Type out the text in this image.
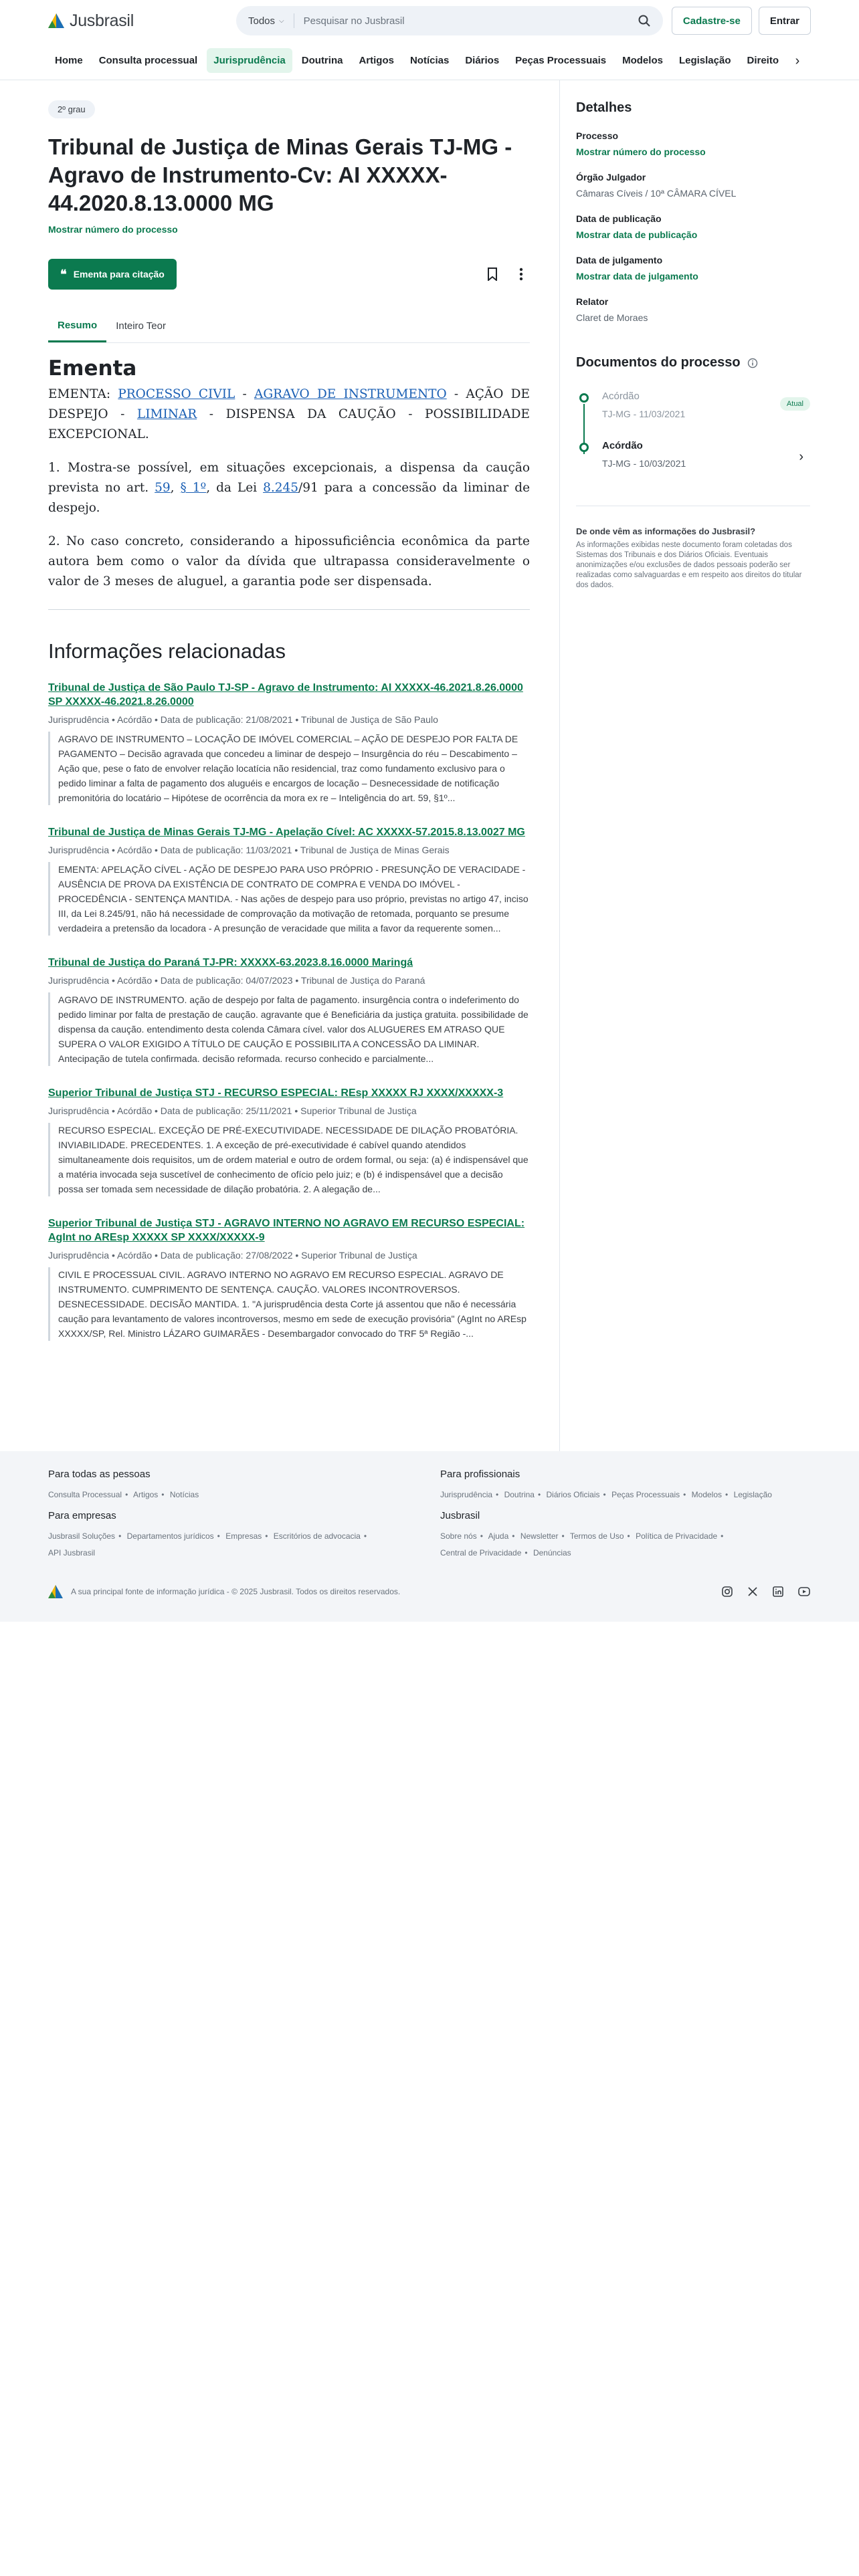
Jusbrasil	Todos ⌵	Pesquisar no Jusbrasil	Cadastre-se	Entrar
Home	Consulta processual	Jurisprudência	Doutrina	Artigos	Notícias	Diários	Peças Processuais	Modelos	Legislação	Direito	›
2º grau
Tribunal de Justiça de Minas Gerais TJ-MG - Agravo de Instrumento-Cv: AI XXXXX-44.2020.8.13.0000 MG
Mostrar número do processo
❝ Ementa para citação
Resumo	Inteiro Teor
Ementa

EMENTA: PROCESSO CIVIL - AGRAVO DE INSTRUMENTO - AÇÃO DE DESPEJO - LIMINAR - DISPENSA DA CAUÇÃO - POSSIBILIDADE EXCEPCIONAL.

1. Mostra-se possível, em situações excepcionais, a dispensa da caução prevista no art. 59, § 1º, da Lei 8.245/91 para a concessão da liminar de despejo.

2. No caso concreto, considerando a hipossuficiência econômica da parte autora bem como o valor da dívida que ultrapassa consideravelmente o valor de 3 meses de aluguel, a garantia pode ser dispensada.

Informações relacionadas
Tribunal de Justiça de São Paulo TJ-SP - Agravo de Instrumento: AI XXXXX-46.2021.8.26.0000 SP XXXXX-46.2021.8.26.0000
Jurisprudência • Acórdão • Data de publicação: 21/08/2021 • Tribunal de Justiça de São Paulo
AGRAVO DE INSTRUMENTO – LOCAÇÃO DE IMÓVEL COMERCIAL – AÇÃO DE DESPEJO POR FALTA DE PAGAMENTO – Decisão agravada que concedeu a liminar de despejo – Insurgência do réu – Descabimento – Ação que, pese o fato de envolver relação locatícia não residencial, traz como fundamento exclusivo para o pedido liminar a falta de pagamento dos aluguéis e encargos de locação – Desnecessidade de notificação premonitória do locatário – Hipótese de ocorrência da mora ex re – Inteligência do art. 59, §1º...
Tribunal de Justiça de Minas Gerais TJ-MG - Apelação Cível: AC XXXXX-57.2015.8.13.0027 MG
Jurisprudência • Acórdão • Data de publicação: 11/03/2021 • Tribunal de Justiça de Minas Gerais
EMENTA: APELAÇÃO CÍVEL - AÇÃO DE DESPEJO PARA USO PRÓPRIO - PRESUNÇÃO DE VERACIDADE - AUSÊNCIA DE PROVA DA EXISTÊNCIA DE CONTRATO DE COMPRA E VENDA DO IMÓVEL - PROCEDÊNCIA - SENTENÇA MANTIDA. - Nas ações de despejo para uso próprio, previstas no artigo 47, inciso III, da Lei 8.245/91, não há necessidade de comprovação da motivação de retomada, porquanto se presume verdadeira a pretensão da locadora - A presunção de veracidade que milita a favor da requerente somen...
Tribunal de Justiça do Paraná TJ-PR: XXXXX-63.2023.8.16.0000 Maringá
Jurisprudência • Acórdão • Data de publicação: 04/07/2023 • Tribunal de Justiça do Paraná
AGRAVO DE INSTRUMENTO. ação de despejo por falta de pagamento. insurgência contra o indeferimento do pedido liminar por falta de prestação de caução. agravante que é Beneficiária da justiça gratuita. possibilidade de dispensa da caução. entendimento desta colenda Câmara cível. valor dos ALUGUERES EM ATRASO QUE SUPERA O VALOR EXIGIDO A TÍTULO DE CAUÇÃO E POSSIBILITA A CONCESSÃO DA LIMINAR. Antecipação de tutela confirmada. decisão reformada. recurso conhecido e parcialmente...
Superior Tribunal de Justiça STJ - RECURSO ESPECIAL: REsp XXXXX RJ XXXX/XXXXX-3
Jurisprudência • Acórdão • Data de publicação: 25/11/2021 • Superior Tribunal de Justiça
RECURSO ESPECIAL. EXCEÇÃO DE PRÉ-EXECUTIVIDADE. NECESSIDADE DE DILAÇÃO PROBATÓRIA. INVIABILIDADE. PRECEDENTES. 1. A exceção de pré-executividade é cabível quando atendidos simultaneamente dois requisitos, um de ordem material e outro de ordem formal, ou seja: (a) é indispensável que a matéria invocada seja suscetível de conhecimento de ofício pelo juiz; e (b) é indispensável que a decisão possa ser tomada sem necessidade de dilação probatória. 2. A alegação de...
Superior Tribunal de Justiça STJ - AGRAVO INTERNO NO AGRAVO EM RECURSO ESPECIAL: AgInt no AREsp XXXXX SP XXXX/XXXXX-9
Jurisprudência • Acórdão • Data de publicação: 27/08/2022 • Superior Tribunal de Justiça
CIVIL E PROCESSUAL CIVIL. AGRAVO INTERNO NO AGRAVO EM RECURSO ESPECIAL. AGRAVO DE INSTRUMENTO. CUMPRIMENTO DE SENTENÇA. CAUÇÃO. VALORES INCONTROVERSOS. DESNECESSIDADE. DECISÃO MANTIDA. 1. "A jurisprudência desta Corte já assentou que não é necessária caução para levantamento de valores incontroversos, mesmo em sede de execução provisória" (AgInt no AREsp XXXXX/SP, Rel. Ministro LÁZARO GUIMARÃES - Desembargador convocado do TRF 5ª Região -...
Detalhes
Processo
Mostrar número do processo
Órgão Julgador
Câmaras Cíveis / 10ª CÂMARA CÍVEL
Data de publicação
Mostrar data de publicação
Data de julgamento
Mostrar data de julgamento
Relator
Claret de Moraes
Documentos do processo
Acórdão
TJ-MG - 11/03/2021
Atual
Acórdão
TJ-MG - 10/03/2021	›
De onde vêm as informações do Jusbrasil?
As informações exibidas neste documento foram coletadas dos Sistemas dos Tribunais e dos Diários Oficiais. Eventuais anonimizações e/ou exclusões de dados pessoais poderão ser realizadas como salvaguardas e em respeito aos direitos do titular dos dados.
Para todas as pessoas
Consulta Processual • Artigos • Notícias
Para empresas
Jusbrasil Soluções • Departamentos jurídicos • Empresas • Escritórios de advocacia •
API Jusbrasil
Para profissionais
Jurisprudência • Doutrina • Diários Oficiais • Peças Processuais • Modelos • Legislação
Jusbrasil
Sobre nós • Ajuda • Newsletter • Termos de Uso • Política de Privacidade •
Central de Privacidade • Denúncias
A sua principal fonte de informação jurídica - © 2025 Jusbrasil. Todos os direitos reservados.
